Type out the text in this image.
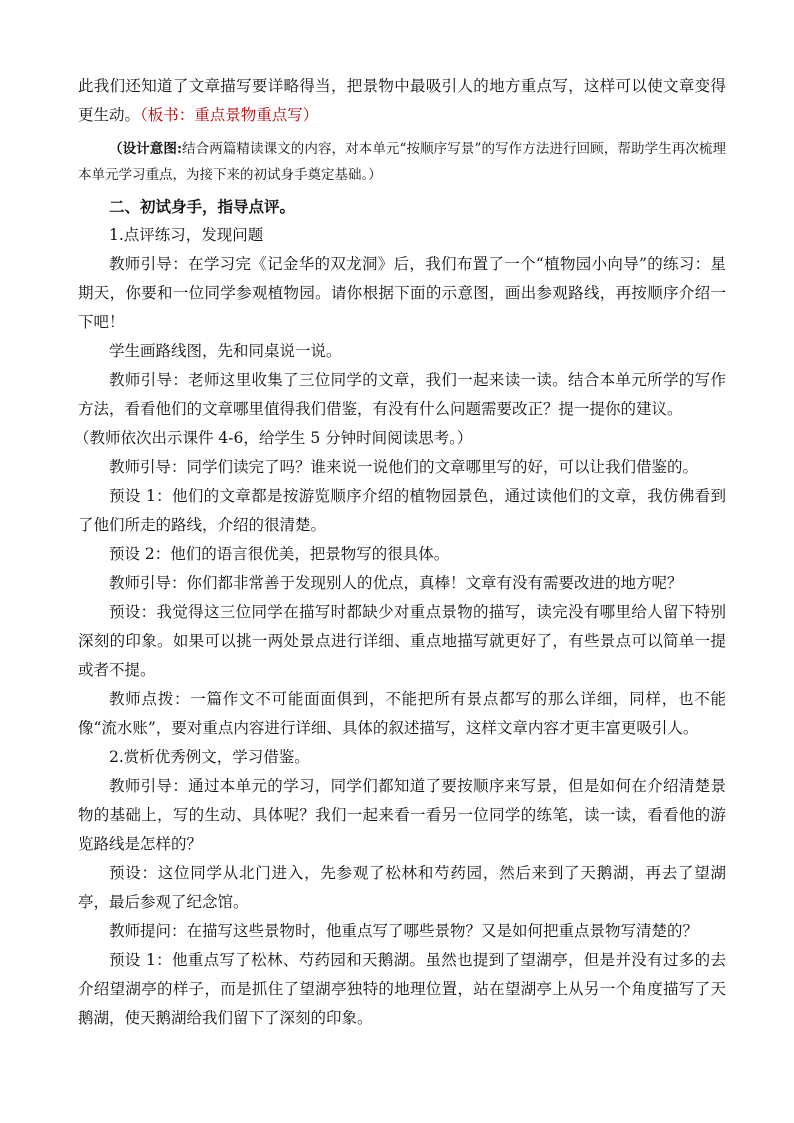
此我们还知道了文章描写要详略得当，把景物中最吸引人的地方重点写，这样可以使文章变得更生动。（板书：重点景物重点写）

（设计意图:结合两篇精读课文的内容，对本单元“按顺序写景”的写作方法进行回顾，帮助学生再次梳理本单元学习重点，为接下来的初试身手奠定基础。）

二、初试身手，指导点评。

1.点评练习，发现问题

教师引导：在学习完《记金华的双龙洞》后，我们布置了一个“植物园小向导”的练习：星期天，你要和一位同学参观植物园。请你根据下面的示意图，画出参观路线，再按顺序介绍一下吧！

学生画路线图，先和同桌说一说。

教师引导：老师这里收集了三位同学的文章，我们一起来读一读。结合本单元所学的写作方法，看看他们的文章哪里值得我们借鉴，有没有什么问题需要改正？提一提你的建议。

（教师依次出示课件 4-6，给学生 5 分钟时间阅读思考。）

教师引导：同学们读完了吗？谁来说一说他们的文章哪里写的好，可以让我们借鉴的。

预设 1：他们的文章都是按游览顺序介绍的植物园景色，通过读他们的文章，我仿佛看到了他们所走的路线，介绍的很清楚。

预设 2：他们的语言很优美，把景物写的很具体。

教师引导：你们都非常善于发现别人的优点，真棒！文章有没有需要改进的地方呢？

预设：我觉得这三位同学在描写时都缺少对重点景物的描写，读完没有哪里给人留下特别深刻的印象。如果可以挑一两处景点进行详细、重点地描写就更好了，有些景点可以简单一提或者不提。

教师点拨：一篇作文不可能面面俱到，不能把所有景点都写的那么详细，同样，也不能像“流水账”，要对重点内容进行详细、具体的叙述描写，这样文章内容才更丰富更吸引人。

2.赏析优秀例文，学习借鉴。

教师引导：通过本单元的学习，同学们都知道了要按顺序来写景，但是如何在介绍清楚景物的基础上，写的生动、具体呢？我们一起来看一看另一位同学的练笔，读一读，看看他的游览路线是怎样的？

预设：这位同学从北门进入，先参观了松林和芍药园，然后来到了天鹅湖，再去了望湖亭，最后参观了纪念馆。

教师提问：在描写这些景物时，他重点写了哪些景物？又是如何把重点景物写清楚的？

预设 1：他重点写了松林、芍药园和天鹅湖。虽然也提到了望湖亭，但是并没有过多的去介绍望湖亭的样子，而是抓住了望湖亭独特的地理位置，站在望湖亭上从另一个角度描写了天鹅湖，使天鹅湖给我们留下了深刻的印象。
